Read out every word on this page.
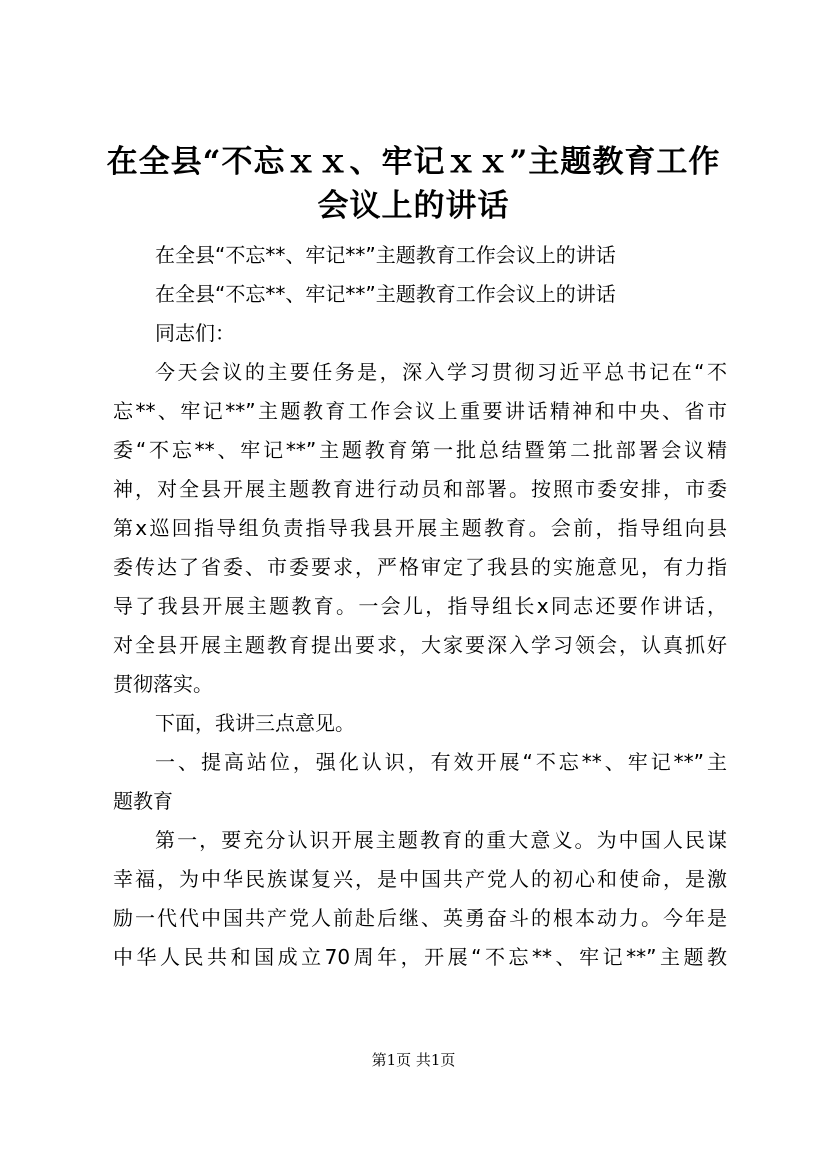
在全县“不忘ｘｘ、牢记ｘｘ”主题教育工作
会议上的讲话
在全县“不忘**、牢记**”主题教育工作会议上的讲话
在全县“不忘**、牢记**”主题教育工作会议上的讲话
同志们：
今天会议的主要任务是，深入学习贯彻习近平总书记在“不
忘**、牢记**”主题教育工作会议上重要讲话精神和中央、省市
委“不忘**、牢记**”主题教育第一批总结暨第二批部署会议精
神，对全县开展主题教育进行动员和部署。按照市委安排，市委
第x巡回指导组负责指导我县开展主题教育。会前，指导组向县
委传达了省委、市委要求，严格审定了我县的实施意见，有力指
导了我县开展主题教育。一会儿，指导组长x同志还要作讲话，
对全县开展主题教育提出要求，大家要深入学习领会，认真抓好
贯彻落实。
下面，我讲三点意见。
一、提高站位，强化认识，有效开展“不忘**、牢记**”主
题教育
第一，要充分认识开展主题教育的重大意义。为中国人民谋
幸福，为中华民族谋复兴，是中国共产党人的初心和使命，是激
励一代代中国共产党人前赴后继、英勇奋斗的根本动力。今年是
中华人民共和国成立70周年，开展“不忘**、牢记**”主题教
第1页 共1页
